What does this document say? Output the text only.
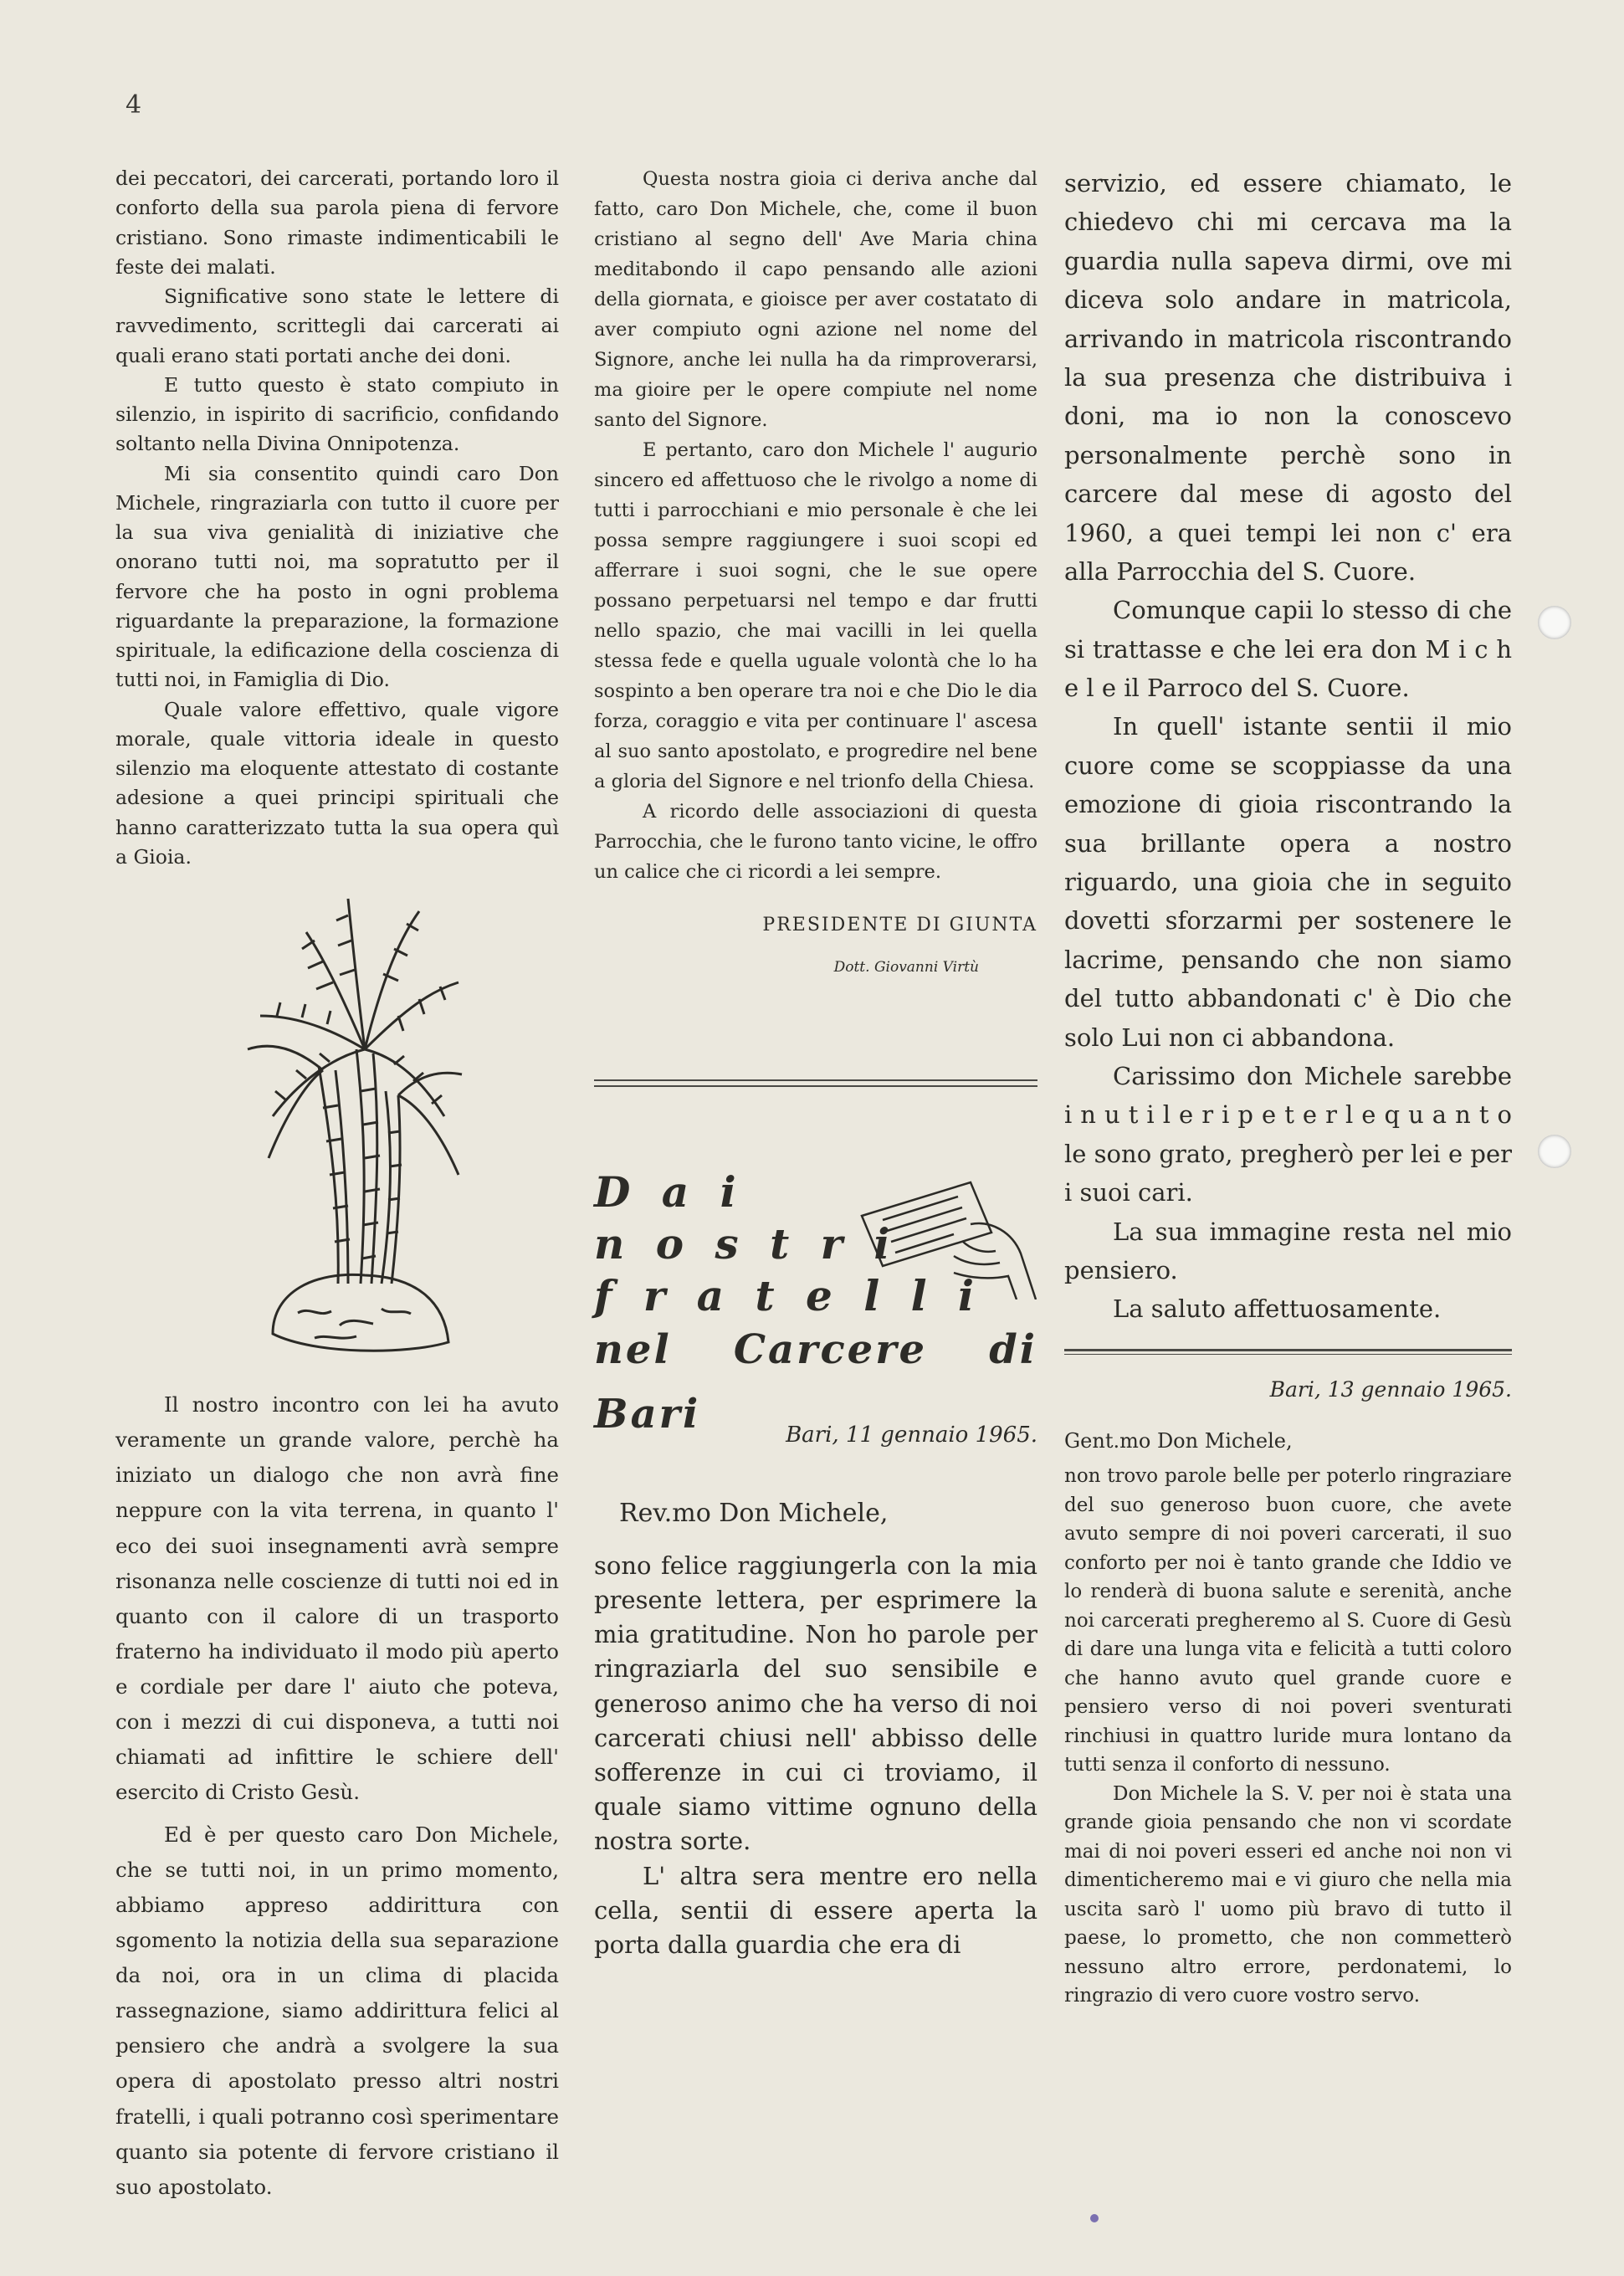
4

dei peccatori, dei carcerati, portando loro il conforto della sua parola piena di fervore cristiano. Sono rimaste indimenticabili le feste dei malati.

Significative sono state le lettere di ravvedimento, scrittegli dai carcerati ai quali erano stati portati anche dei doni.

E tutto questo è stato compiuto in silenzio, in ispirito di sacrificio, confidando soltanto nella Divina Onnipotenza.

Mi sia consentito quindi caro Don Michele, ringraziarla con tutto il cuore per la sua viva genialità di iniziative che onorano tutti noi, ma sopratutto per il fervore che ha posto in ogni problema riguardante la preparazione, la formazione spirituale, la edificazione della coscienza di tutti noi, in Famiglia di Dio.

Quale valore effettivo, quale vigore morale, quale vittoria ideale in questo silenzio ma eloquente attestato di costante adesione a quei principi spirituali che hanno caratterizzato tutta la sua opera quì a Gioia.

Il nostro incontro con lei ha avuto veramente un grande valore, perchè ha iniziato un dialogo che non avrà fine neppure con la vita terrena, in quanto l' eco dei suoi insegnamenti avrà sempre risonanza nelle coscienze di tutti noi ed in quanto con il calore di un trasporto fraterno ha individuato il modo più aperto e cordiale per dare l' aiuto che poteva, con i mezzi di cui disponeva, a tutti noi chiamati ad infittire le schiere dell' esercito di Cristo Gesù.

Ed è per questo caro Don Michele, che se tutti noi, in un primo momento, abbiamo appreso addirittura con sgomento la notizia della sua separazione da noi, ora in un clima di placida rassegnazione, siamo addirittura felici al pensiero che andrà a svolgere la sua opera di apostolato presso altri nostri fratelli, i quali potranno così sperimentare quanto sia potente di fervore cristiano il suo apostolato.

Questa nostra gioia ci deriva anche dal fatto, caro Don Michele, che, come il buon cristiano al segno dell' Ave Maria china meditabondo il capo pensando alle azioni della giornata, e gioisce per aver costatato di aver compiuto ogni azione nel nome del Signore, anche lei nulla ha da rimproverarsi, ma gioire per le opere compiute nel nome santo del Signore.

E pertanto, caro don Michele l' augurio sincero ed affettuoso che le rivolgo a nome di tutti i parrocchiani e mio personale è che lei possa sempre raggiungere i suoi scopi ed afferrare i suoi sogni, che le sue opere possano perpetuarsi nel tempo e dar frutti nello spazio, che mai vacilli in lei quella stessa fede e quella uguale volontà che lo ha sospinto a ben operare tra noi e che Dio le dia forza, coraggio e vita per continuare l' ascesa al suo santo apostolato, e progredire nel bene a gloria del Signore e nel trionfo della Chiesa.

A ricordo delle associazioni di questa Parrocchia, che le furono tanto vicine, le offro un calice che ci ricordi a lei sempre.

PRESIDENTE DI GIUNTA
Dott. Giovanni Virtù
D a i
n o s t r i
f r a t e l l i
nel Carcere di Bari	Bari, 11 gennaio 1965.
Rev.mo Don Michele,

sono felice raggiungerla con la mia presente lettera, per esprimere la mia gratitudine. Non ho parole per ringraziarla del suo sensibile e generoso animo che ha verso di noi carcerati chiusi nell' abbisso delle sofferenze in cui ci troviamo, il quale siamo vittime ognuno della nostra sorte.

L' altra sera mentre ero nella cella, sentii di essere aperta la porta dalla guardia che era di

servizio, ed essere chiamato, le chiedevo chi mi cercava ma la guardia nulla sapeva dirmi, ove mi diceva solo andare in matricola, arrivando in matricola riscontrando la sua presenza che distribuiva i doni, ma io non la conoscevo personalmente perchè sono in carcere dal mese di agosto del 1960, a quei tempi lei non c' era alla Parrocchia del S. Cuore.

Comunque capii lo stesso di che si trattasse e che lei era don M i c h e l e il Parroco del S. Cuore.

In quell' istante sentii il mio cuore come se scoppiasse da una emozione di gioia riscontrando la sua brillante opera a nostro riguardo, una gioia che in seguito dovetti sforzarmi per sostenere le lacrime, pensando che non siamo del tutto abbandonati c' è Dio che solo Lui non ci abbandona.

Carissimo don Michele sarebbe i n u t i l e r i p e t e r l e q u a n t o le sono grato, pregherò per lei e per i suoi cari.

La sua immagine resta nel mio pensiero.

La saluto affettuosamente.

Bari, 13 gennaio 1965.
Gent.mo Don Michele,

non trovo parole belle per poterlo ringraziare del suo generoso buon cuore, che avete avuto sempre di noi poveri carcerati, il suo conforto per noi è tanto grande che Iddio ve lo renderà di buona salute e serenità, anche noi carcerati pregheremo al S. Cuore di Gesù di dare una lunga vita e felicità a tutti coloro che hanno avuto quel grande cuore e pensiero verso di noi poveri sventurati rinchiusi in quattro luride mura lontano da tutti senza il conforto di nessuno.

Don Michele la S. V. per noi è stata una grande gioia pensando che non vi scordate mai di noi poveri esseri ed anche noi non vi dimenticheremo mai e vi giuro che nella mia uscita sarò l' uomo più bravo di tutto il paese, lo prometto, che non commetterò nessuno altro errore, perdonatemi, lo ringrazio di vero cuore vostro servo.
